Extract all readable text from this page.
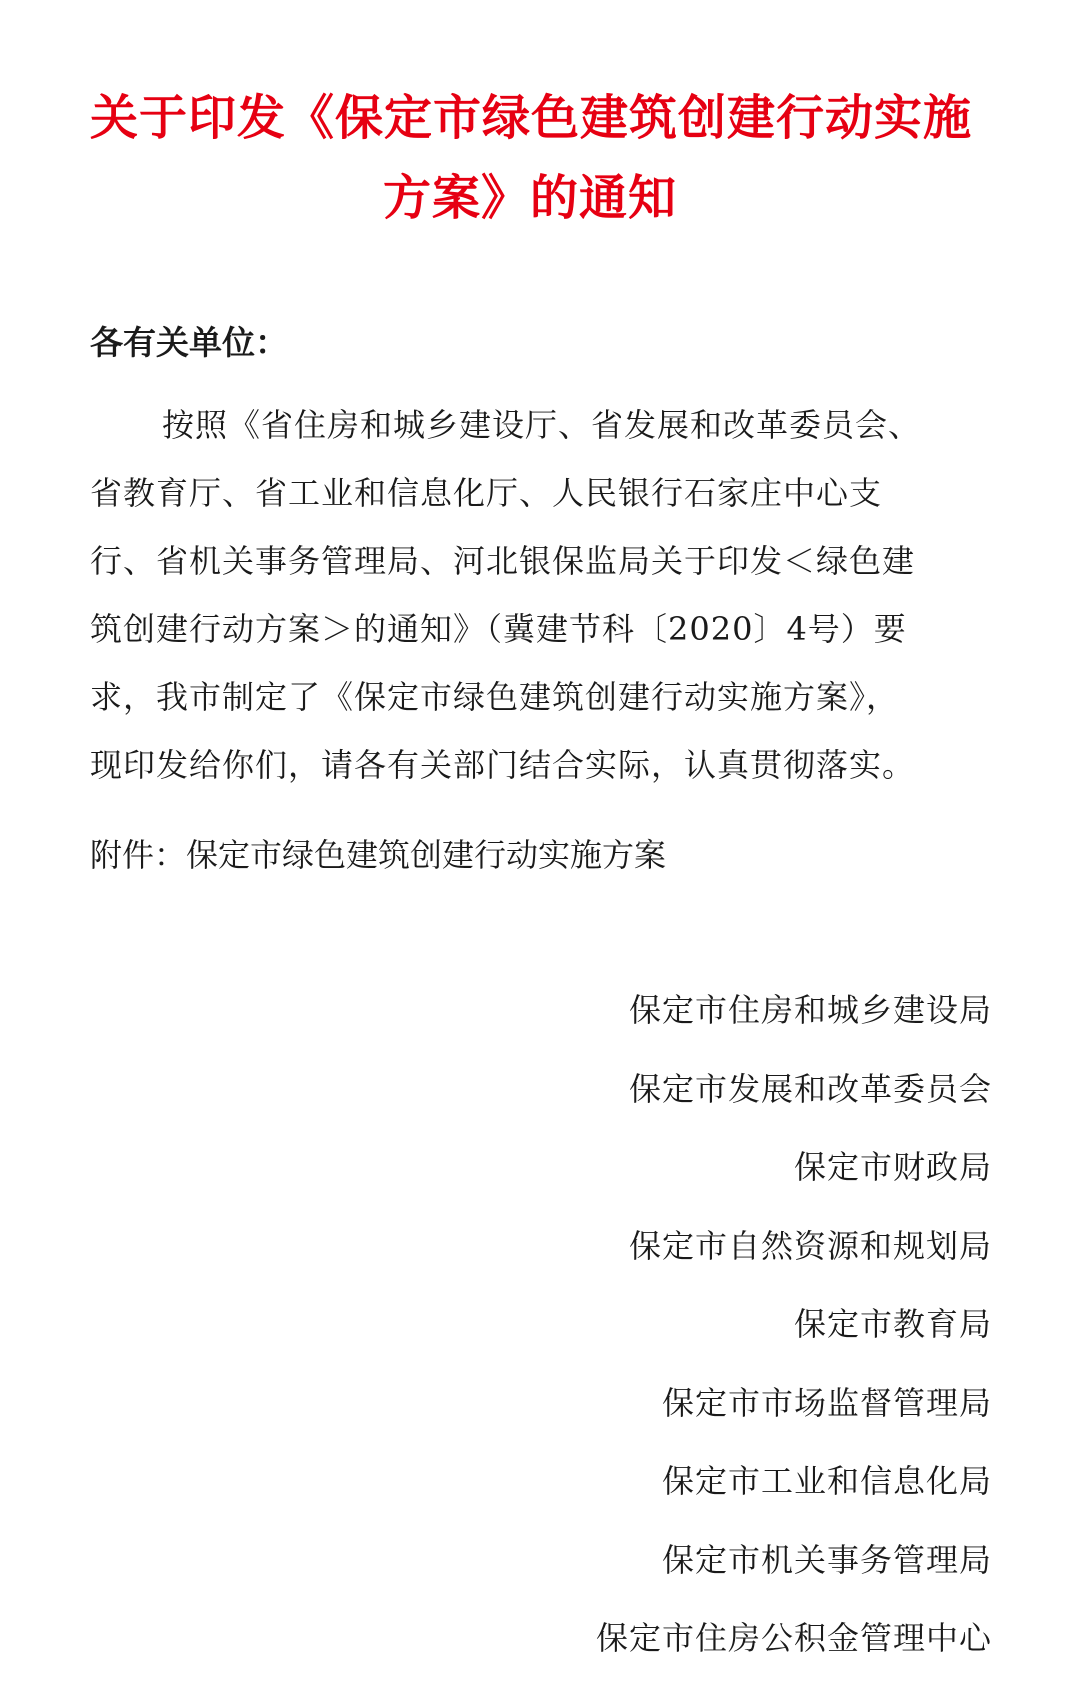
关于印发《保定市绿色建筑创建行动实施
方案》的通知

各有关单位：

按照《省住房和城乡建设厅、省发展和改革委员会、
省教育厅、省工业和信息化厅、人民银行石家庄中心支
行、省机关事务管理局、河北银保监局关于印发＜绿色建
筑创建行动方案＞的通知》（冀建节科〔2020〕4号）要
求，我市制定了《保定市绿色建筑创建行动实施方案》，
现印发给你们，请各有关部门结合实际，认真贯彻落实。

附件：保定市绿色建筑创建行动实施方案

保定市住房和城乡建设局
保定市发展和改革委员会
保定市财政局
保定市自然资源和规划局
保定市教育局
保定市市场监督管理局
保定市工业和信息化局
保定市机关事务管理局
保定市住房公积金管理中心
